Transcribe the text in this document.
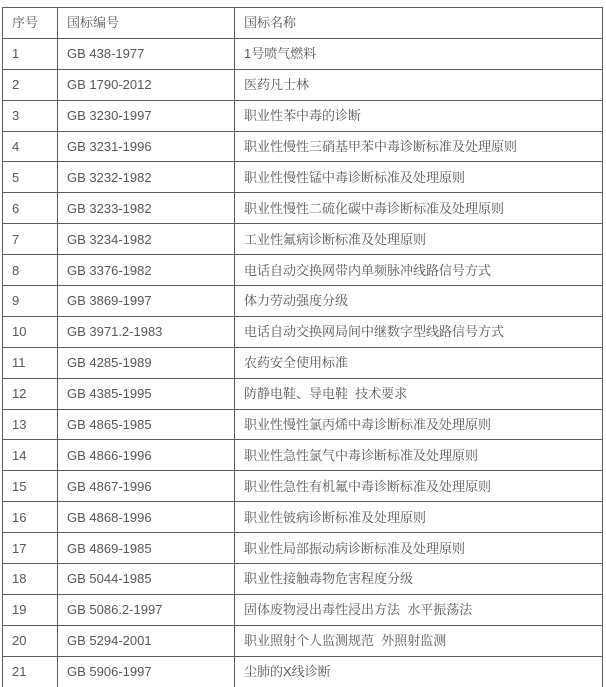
序号	国标编号	国标名称
1	GB 438-1977	1号喷气燃料
2	GB 1790-2012	医药凡士林
3	GB 3230-1997	职业性苯中毒的诊断
4	GB 3231-1996	职业性慢性三硝基甲苯中毒诊断标准及处理原则
5	GB 3232-1982	职业性慢性锰中毒诊断标准及处理原则
6	GB 3233-1982	职业性慢性二硫化碳中毒诊断标准及处理原则
7	GB 3234-1982	工业性氟病诊断标准及处理原则
8	GB 3376-1982	电话自动交换网带内单频脉冲线路信号方式
9	GB 3869-1997	体力劳动强度分级
10	GB 3971.2-1983	电话自动交换网局间中继数字型线路信号方式
11	GB 4285-1989	农药安全使用标准
12	GB 4385-1995	防静电鞋、导电鞋  技术要求
13	GB 4865-1985	职业性慢性氯丙烯中毒诊断标准及处理原则
14	GB 4866-1996	职业性急性氯气中毒诊断标准及处理原则
15	GB 4867-1996	职业性急性有机氟中毒诊断标准及处理原则
16	GB 4868-1996	职业性铍病诊断标准及处理原则
17	GB 4869-1985	职业性局部振动病诊断标准及处理原则
18	GB 5044-1985	职业性接触毒物危害程度分级
19	GB 5086.2-1997	固体废物浸出毒性浸出方法  水平振荡法
20	GB 5294-2001	职业照射个人监测规范  外照射监测
21	GB 5906-1997	尘肺的X线诊断
